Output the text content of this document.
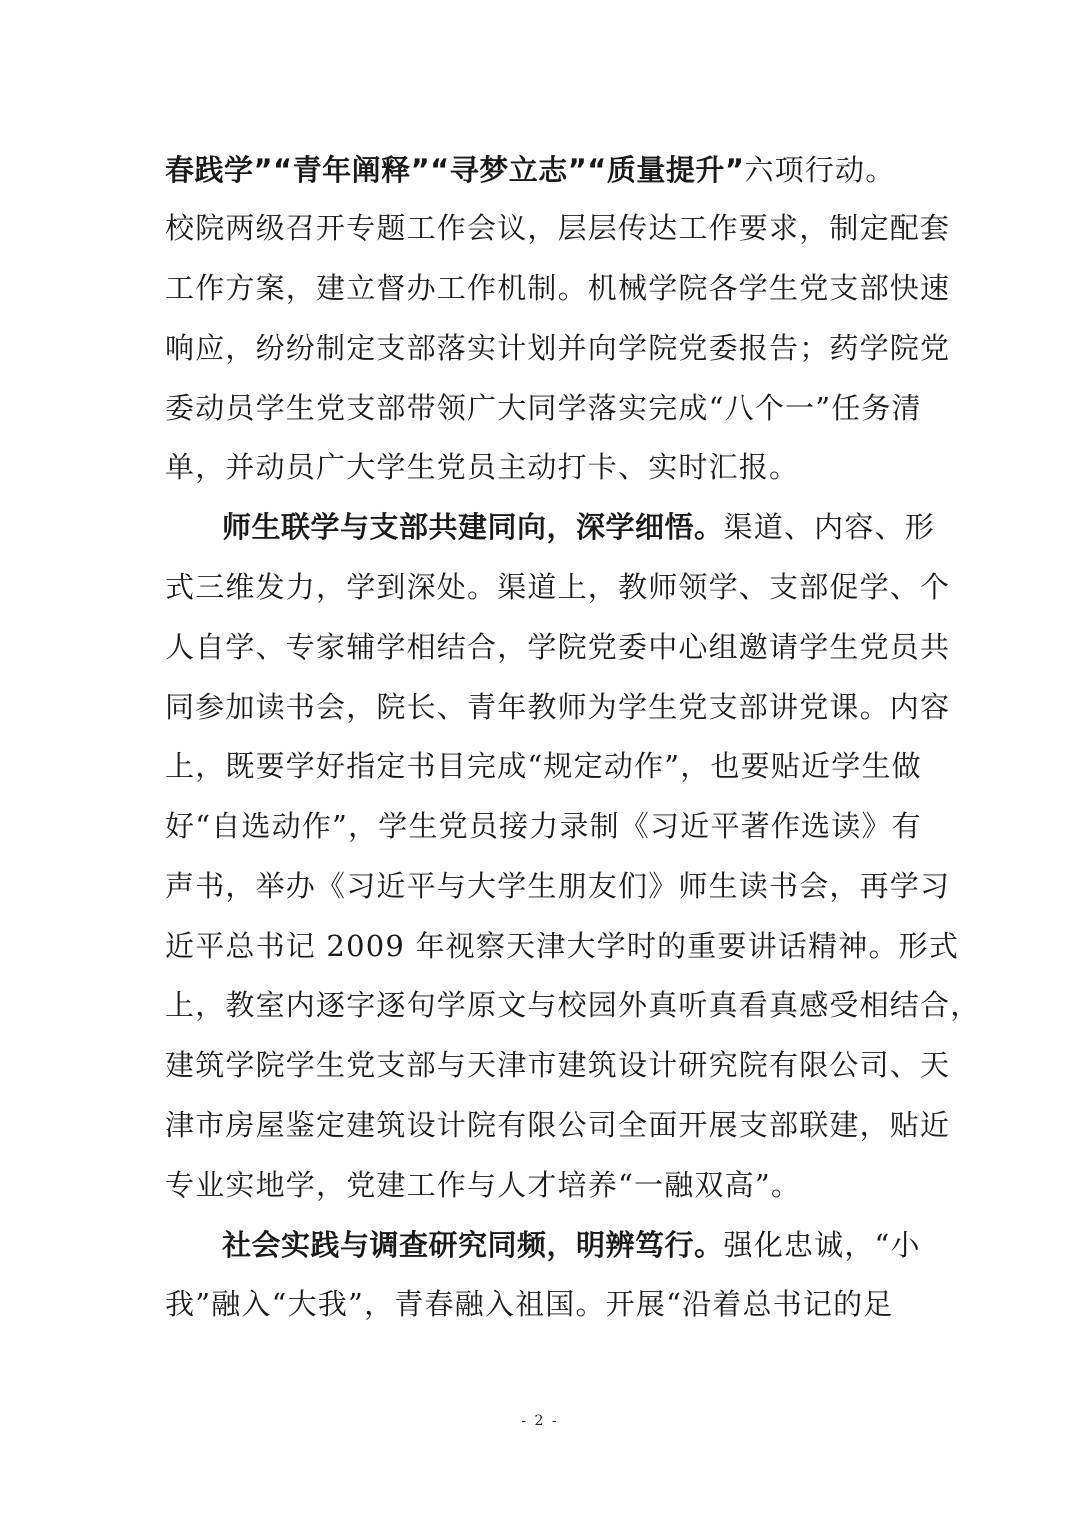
春践学”“青年阐释”“寻梦立志”“质量提升”六项行动。
校院两级召开专题工作会议，层层传达工作要求，制定配套
工作方案，建立督办工作机制。机械学院各学生党支部快速
响应，纷纷制定支部落实计划并向学院党委报告；药学院党
委动员学生党支部带领广大同学落实完成“八个一”任务清
单，并动员广大学生党员主动打卡、实时汇报。
师生联学与支部共建同向，深学细悟。渠道、内容、形
式三维发力，学到深处。渠道上，教师领学、支部促学、个
人自学、专家辅学相结合，学院党委中心组邀请学生党员共
同参加读书会，院长、青年教师为学生党支部讲党课。内容
上，既要学好指定书目完成“规定动作”，也要贴近学生做
好“自选动作”，学生党员接力录制《习近平著作选读》有
声书，举办《习近平与大学生朋友们》师生读书会，再学习
近平总书记 2009 年视察天津大学时的重要讲话精神。形式
上，教室内逐字逐句学原文与校园外真听真看真感受相结合，
建筑学院学生党支部与天津市建筑设计研究院有限公司、天
津市房屋鉴定建筑设计院有限公司全面开展支部联建，贴近
专业实地学，党建工作与人才培养“一融双高”。
社会实践与调查研究同频，明辨笃行。强化忠诚，“小
我”融入“大我”，青春融入祖国。开展“沿着总书记的足
- 2 -
